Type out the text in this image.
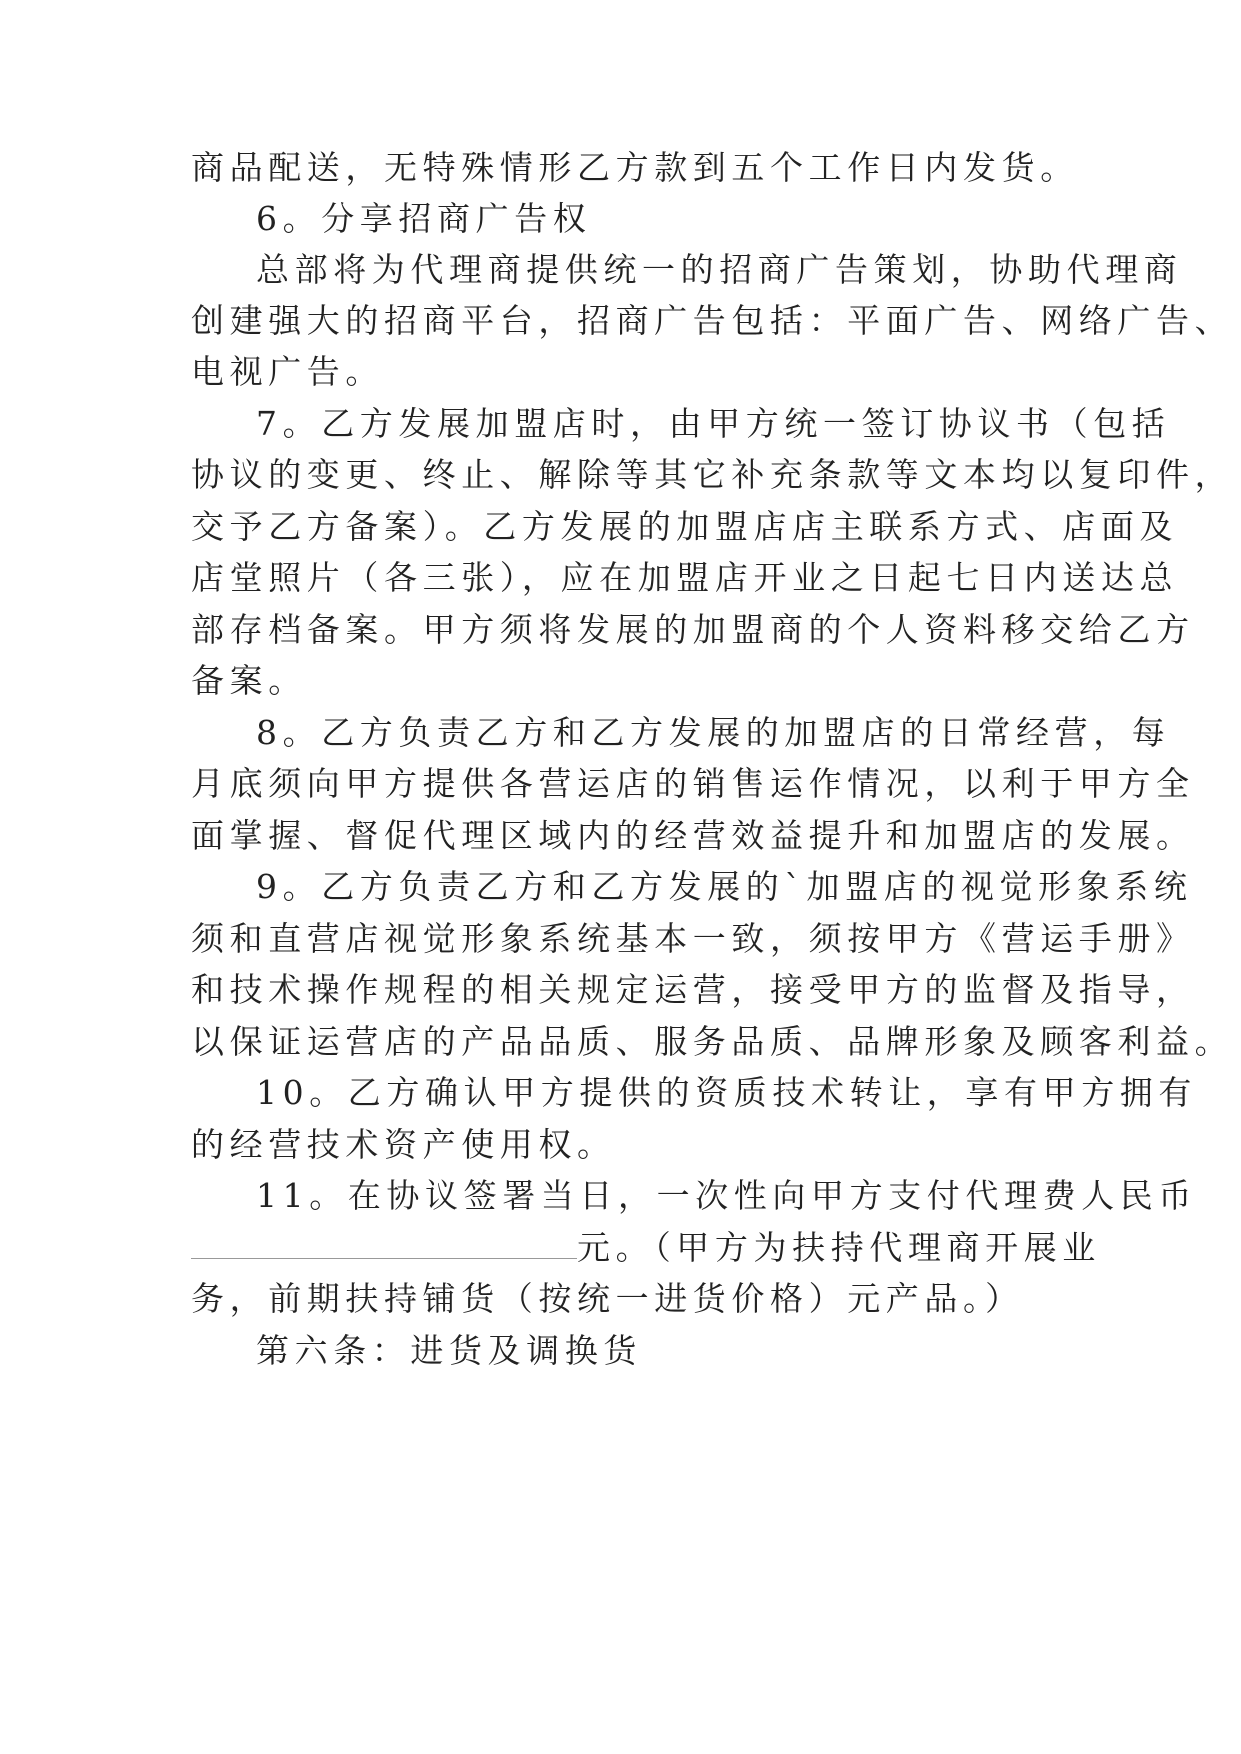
商品配送，无特殊情形乙方款到五个工作日内发货。
6。分享招商广告权
总部将为代理商提供统一的招商广告策划，协助代理商
创建强大的招商平台，招商广告包括：平面广告、网络广告、
电视广告。
7。乙方发展加盟店时，由甲方统一签订协议书（包括
协议的变更、终止、解除等其它补充条款等文本均以复印件，
交予乙方备案）。乙方发展的加盟店店主联系方式、店面及
店堂照片（各三张），应在加盟店开业之日起七日内送达总
部存档备案。甲方须将发展的加盟商的个人资料移交给乙方
备案。
8。乙方负责乙方和乙方发展的加盟店的日常经营，每
月底须向甲方提供各营运店的销售运作情况，以利于甲方全
面掌握、督促代理区域内的经营效益提升和加盟店的发展。
9。乙方负责乙方和乙方发展的`加盟店的视觉形象系统
须和直营店视觉形象系统基本一致，须按甲方《营运手册》
和技术操作规程的相关规定运营，接受甲方的监督及指导，
以保证运营店的产品品质、服务品质、品牌形象及顾客利益。
10。乙方确认甲方提供的资质技术转让，享有甲方拥有
的经营技术资产使用权。
11。在协议签署当日，一次性向甲方支付代理费人民币
元。（甲方为扶持代理商开展业
务，前期扶持铺货（按统一进货价格）元产品。）
第六条：进货及调换货
